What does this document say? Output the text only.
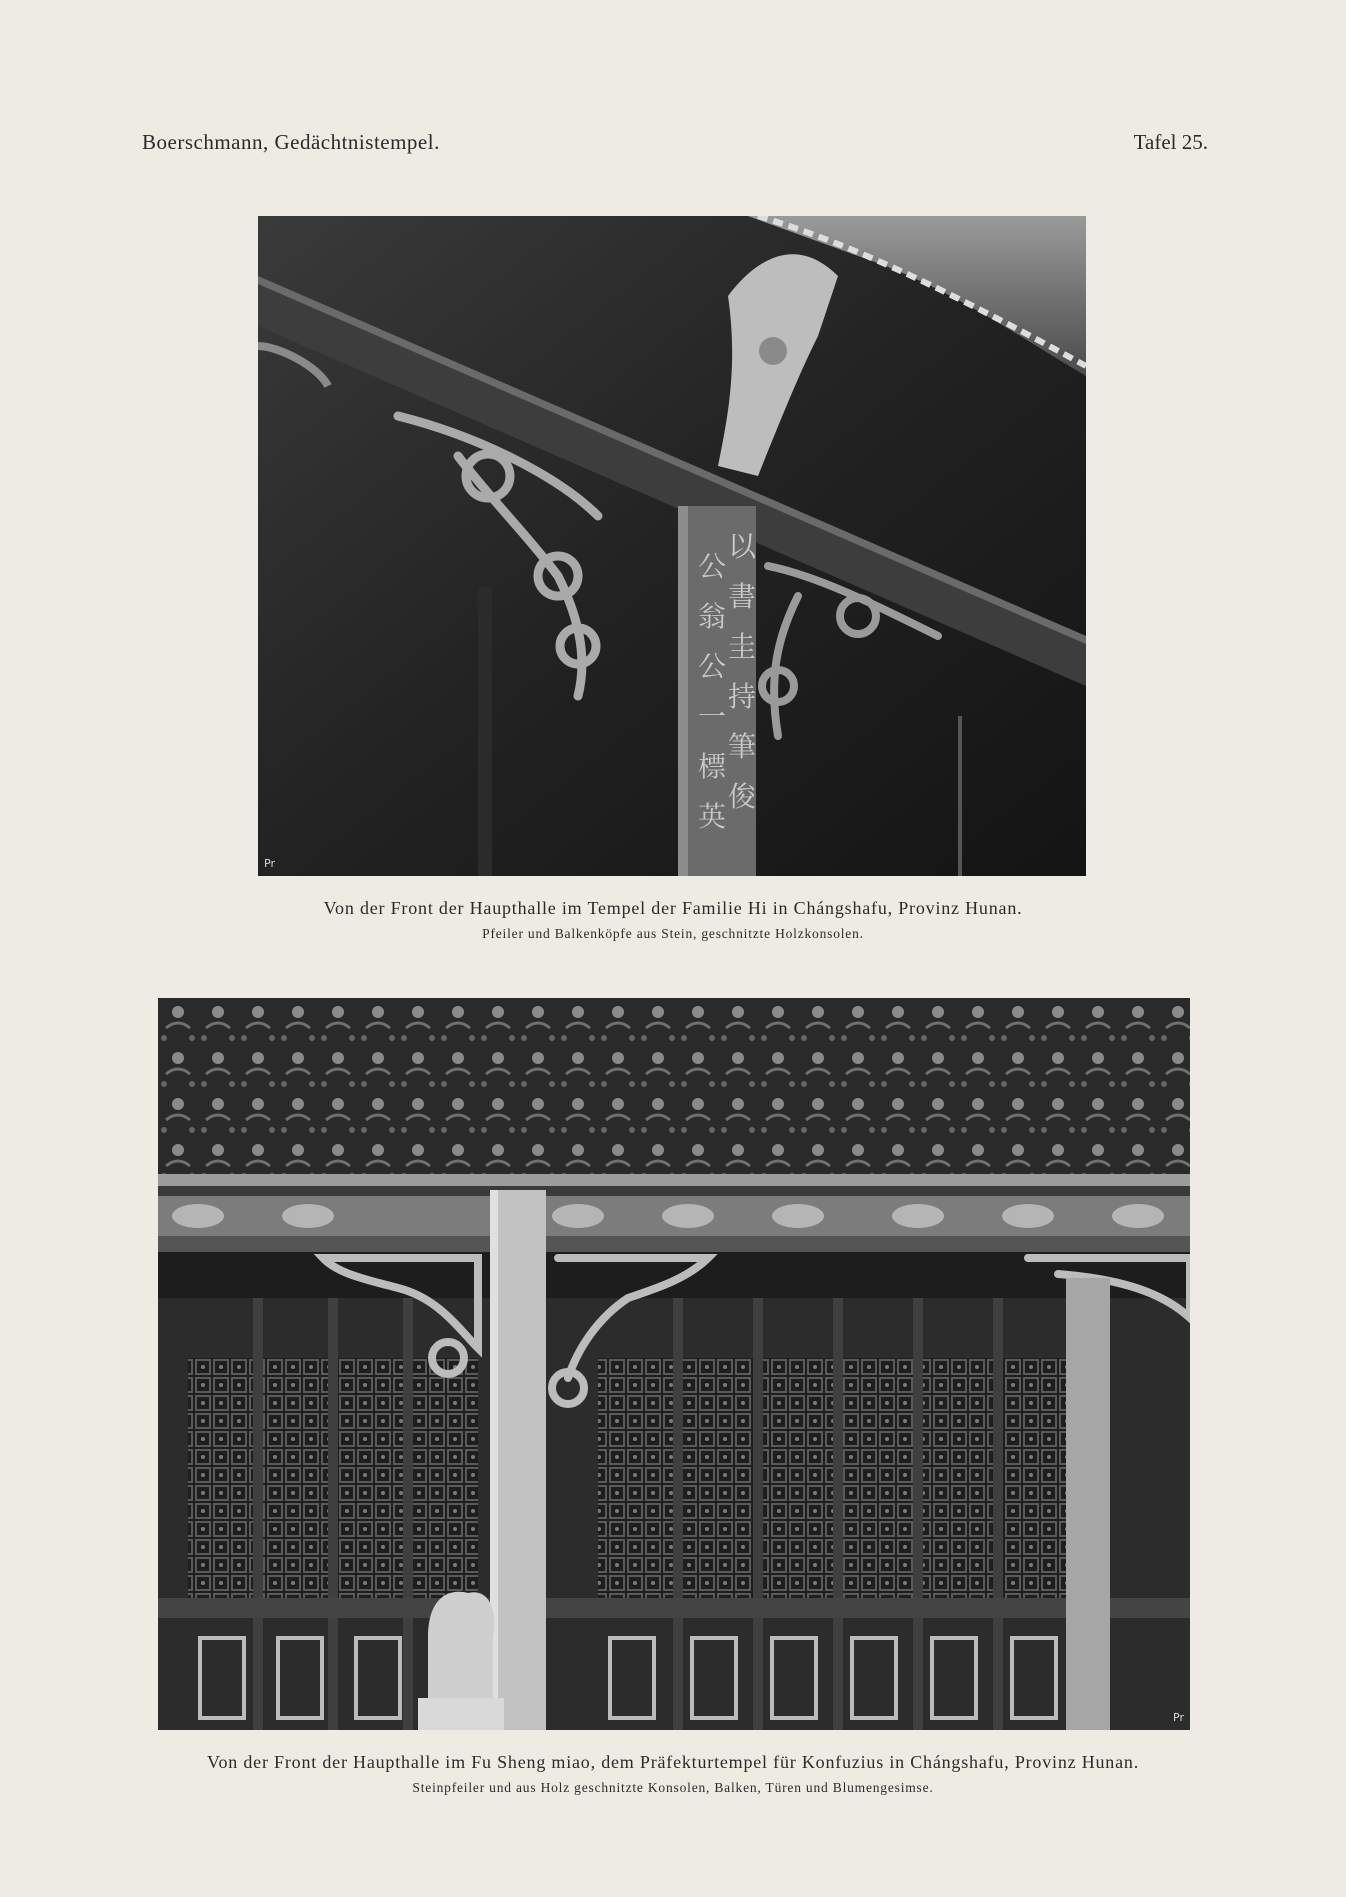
Boerschmann, Gedächtnistempel.	Tafel 25.
公
翁
公
一
標
英
以
書
圭
持
筆
俊
Pr
Von der Front der Haupthalle im Tempel der Familie Hi in Chángshafu, Provinz Hunan.
Pfeiler und Balkenköpfe aus Stein, geschnitzte Holzkonsolen.
Pr
Von der Front der Haupthalle im Fu Sheng miao, dem Präfekturtempel für Konfuzius in Chángshafu, Provinz Hunan.
Steinpfeiler und aus Holz geschnitzte Konsolen, Balken, Türen und Blumengesimse.
